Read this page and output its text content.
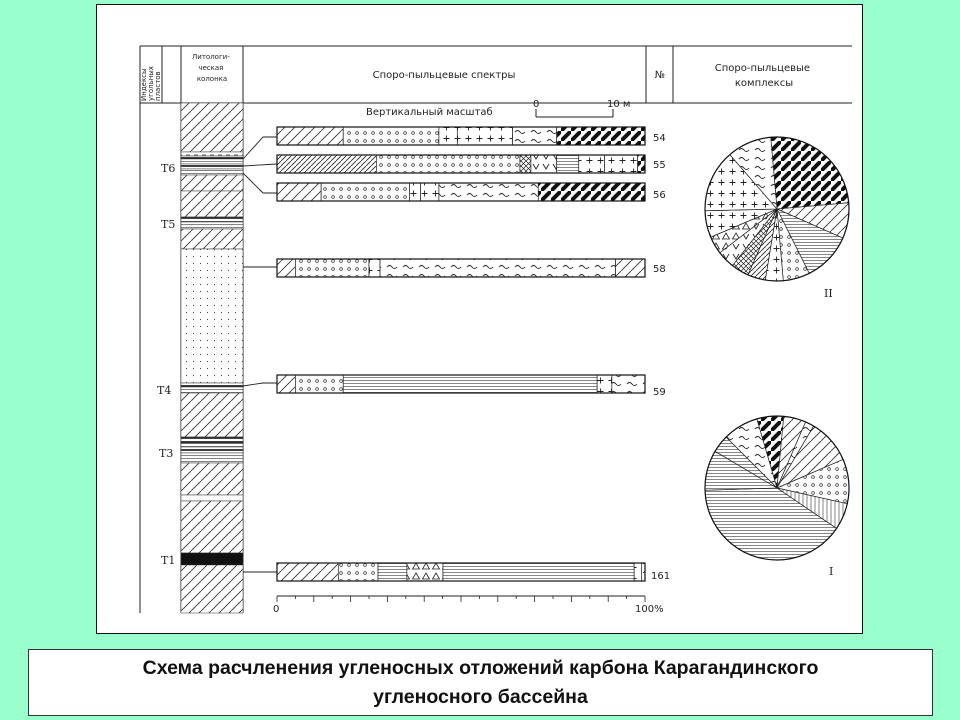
Индексы угольных пластов
Литологи- ческая колонка	Споро-пыльцевые спектры	№
Споро-пыльцевые комплексы
Вертикальный масштаб
0	10 м
T6
T5
T4
T3
T1
54
55
56
58
59
161
0	100%
II
I

Схема расчленения угленосных отложений карбона Карагандинского
угленосного бассейна
